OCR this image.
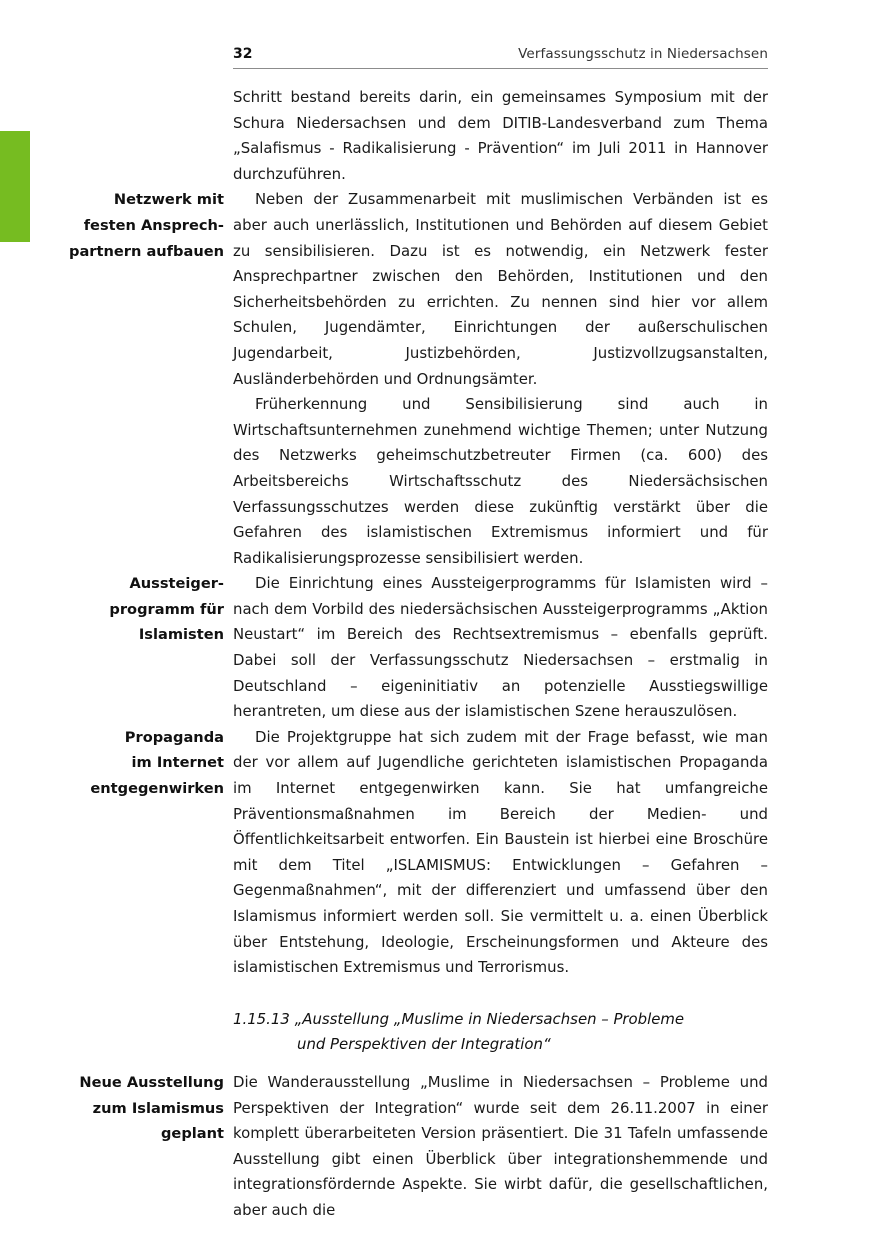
32	Verfassungsschutz in Niedersachsen

Schritt bestand bereits darin, ein gemeinsames Symposium mit der Schura Niedersachsen und dem DITIB-Landesverband zum Thema „Salafismus - Radikalisierung - Prävention“ im Juli 2011 in Hannover durchzuführen.

Netzwerk mit
festen Ansprech-
partnern aufbauen

Neben der Zusammenarbeit mit muslimischen Verbänden ist es aber auch unerlässlich, Institutionen und Behörden auf diesem Gebiet zu sensibilisieren. Dazu ist es notwendig, ein Netzwerk fester Ansprechpartner zwischen den Behörden, Institutionen und den Sicherheitsbehörden zu errichten. Zu nennen sind hier vor allem Schulen, Jugendämter, Einrichtungen der außerschulischen Jugendarbeit, Justizbehörden, Justizvollzugsanstalten, Ausländerbehörden und Ordnungsämter.

Früherkennung und Sensibilisierung sind auch in Wirtschaftsunternehmen zunehmend wichtige Themen; unter Nutzung des Netzwerks geheimschutzbetreuter Firmen (ca. 600) des Arbeitsbereichs Wirtschaftsschutz des Niedersächsischen Verfassungsschutzes werden diese zukünftig verstärkt über die Gefahren des islamistischen Extremismus informiert und für Radikalisierungsprozesse sensibilisiert werden.

Aussteiger-
programm für
Islamisten

Die Einrichtung eines Aussteigerprogramms für Islamisten wird – nach dem Vorbild des niedersächsischen Aussteigerprogramms „Aktion Neustart“ im Bereich des Rechtsextremismus – ebenfalls geprüft. Dabei soll der Verfassungsschutz Niedersachsen – erstmalig in Deutschland – eigeninitiativ an potenzielle Ausstiegswillige herantreten, um diese aus der islamistischen Szene herauszulösen.

Propaganda
im Internet
entgegenwirken

Die Projektgruppe hat sich zudem mit der Frage befasst, wie man der vor allem auf Jugendliche gerichteten islamistischen Propaganda im Internet entgegenwirken kann. Sie hat umfangreiche Präventionsmaßnahmen im Bereich der Medien- und Öffentlichkeitsarbeit entworfen. Ein Baustein ist hierbei eine Broschüre mit dem Titel „ISLAMISMUS: Entwicklungen – Gefahren – Gegenmaßnahmen“, mit der differenziert und umfassend über den Islamismus informiert werden soll. Sie vermittelt u. a. einen Überblick über Entstehung, Ideologie, Erscheinungsformen und Akteure des islamistischen Extremismus und Terrorismus.

1.15.13 „Ausstellung „Muslime in Niedersachsen – Probleme
und Perspektiven der Integration“
Neue Ausstellung
zum Islamismus
geplant

Die Wanderausstellung „Muslime in Niedersachsen – Probleme und Perspektiven der Integration“ wurde seit dem 26.11.2007 in einer komplett überarbeiteten Version präsentiert. Die 31 Tafeln umfassende Ausstellung gibt einen Überblick über integrationshemmende und integrationsfördernde Aspekte. Sie wirbt dafür, die gesellschaftlichen, aber auch die
